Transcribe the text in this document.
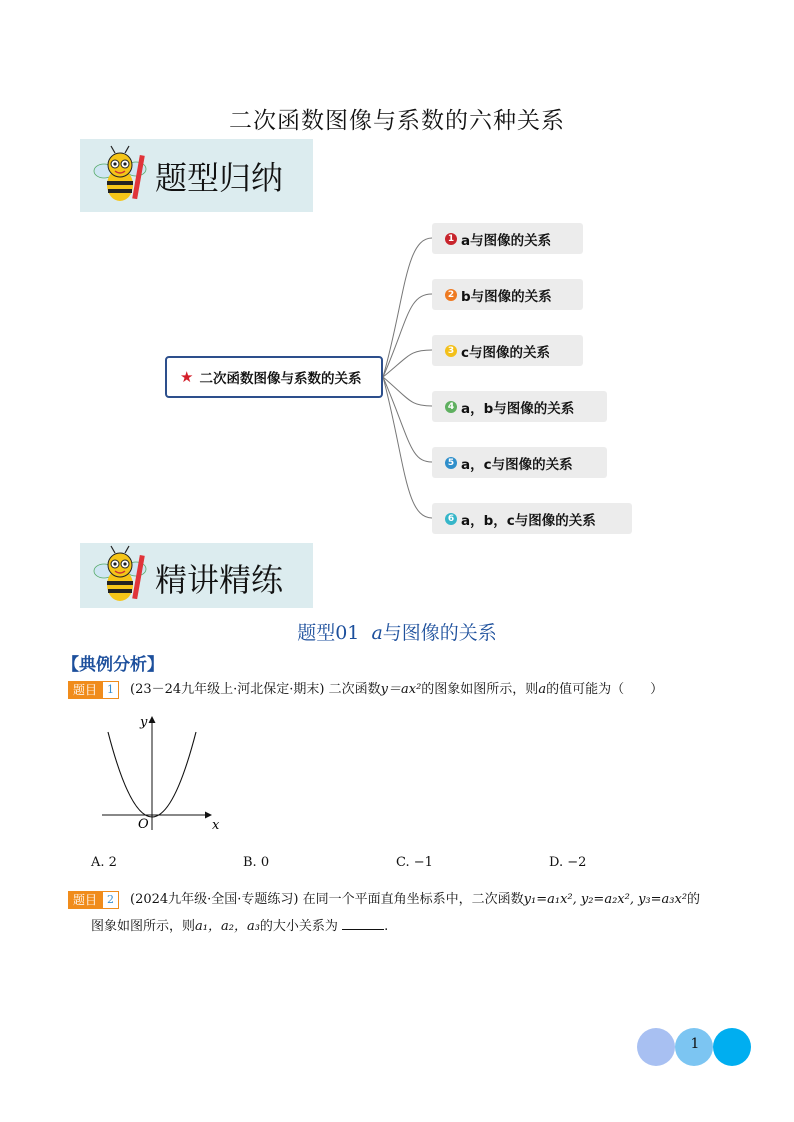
二次函数图像与系数的六种关系
题型归纳
★ 二次函数图像与系数的关系
1 a与图像的关系
2 b与图像的关系
3 c与图像的关系
4 a，b与图像的关系
5 a，c与图像的关系
6 a，b，c与图像的关系
精讲精练
题型01 a与图像的关系
【典例分析】
题目 1	(23－24九年级上·河北保定·期末) 二次函数y＝ax²的图象如图所示，则a的值可能为（　　）
x
y
O
A. 2	B. 0	C. −1	D. −2
题目 2	(2024九年级·全国·专题练习) 在同一个平面直角坐标系中，二次函数y₁=a₁x², y₂=a₂x², y₃=a₃x²的
图象如图所示，则a₁，a₂，a₃的大小关系为	.
1
